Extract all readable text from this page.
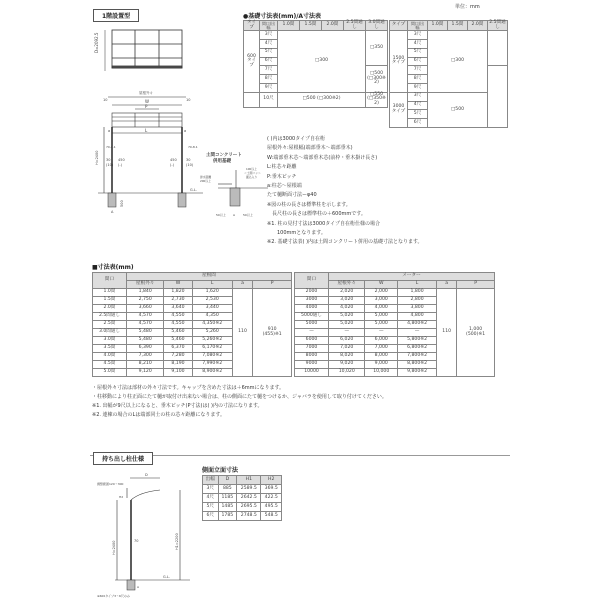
1階設置型
単位：mm
●基礎寸法表(mm)/A寸法表
D=2092.5
屋根外々
W
P
L
a	a
10	10
H=2400
70-8.1
70-8.1
30
(10)
30
(10)
450
(-)
450
(-)
G.L.
A
500
土間コンクリート
併用基礎
100以上
＜土間コン＞
掘込入り
排水距離
200以上
50以上 A	50以上
タイプ	間口/出幅	1.0間	1.5間	2.0間	2.5間通し	3.0間通し
600タイプ	3尺	□300				□350
	4尺					
	5尺					
	6尺					
	7尺					□500
(□300※2)
	8尺					
	9尺					
	10尺	□500 (□300※2)				□550
(□350※2)
タイプ	間口/出幅	1.0間	1.5間	2.0間	2.5間通し
1500タイプ	3尺	□300			
	4尺				
	5尺				
	6尺				
	7尺				
	8尺				
	9尺				
3000タイプ	3尺	□500			
	4尺				
	5尺				
	6尺				
( )内は3000タイプ自在桁
屋根外々:屋根幅(端部垂木〜端部垂木)
W:端部垂木芯〜端部垂木芯(前枠・垂木掛け長さ)
L:柱芯々距離
P:垂木ピッチ
a:柱芯〜屋根端
たて樋断面寸法ーφ40
※図の柱の長さは標準柱を示します。
　長尺柱の長さは標準柱の＋600mmです。
※1. 柱の見付寸法は3000タイプ自在桁仕様の場合
　　100mmとなります。
※2. 基礎寸法表( )内は土間コンクリート併用の基礎寸法となります。
■寸法表(mm)
間口	屋根間				
	屋根外々	W	L	a	P
1.0間	1,840	1,820	1,620	110	910
(455)※1
1.5間	2,750	2,730	2,530		
2.0間	3,660	3,640	3,440		
2.5間通し	4,570	4,550	4,350		
2.5間	4,570	4,550	4,350※2		
3.0間通し	5,480	5,460	5,260		
3.0間	5,480	5,460	5,260※2		
3.5間	6,390	6,370	6,170※2		
4.0間	7,300	7,280	7,080※2		
4.5間	8,210	8,190	7,990※2		
5.0間	9,120	9,100	8,900※2		
間口	メーター				
	屋根外々	W	L	a	P
2000	2,020	2,000	1,800	110	1,000
(500)※1
3000	3,020	3,000	2,800		
4000	4,020	4,000	3,800		
5000通し	5,020	5,000	4,800		
5000	5,020	5,000	4,800※2		
—	—	—	—		
6000	6,020	6,000	5,800※2		
7000	7,020	7,000	6,800※2		
8000	8,020	8,000	7,800※2		
9000	9,020	9,000	8,800※2		
10000	10,020	10,000	9,800※2		
・屋根外々寸法は部材の外々寸法です。キャップを含めた寸法は＋6mmになります。
・柱移動により柱正面にたて樋が取付け出来ない場合は、柱の側面にたて樋をつけるか、ジャバラを使用して取り付けてください。
※1. 出幅が9尺以上になると、垂木ピッチ(P寸法)は( )内の寸法になります。
※2. 連棟の場合のLは端部同士の柱の芯々距離になります。
持ち出し柱仕様
側面立面寸法
出幅	D	H1	H2
3尺	885	2589.5	369.5
4尺	1185	2642.5	422.5
5尺	1485	2695.5	495.5
6尺	1785	2748.5	548.5
調整範囲120〜300
D
H2
H=2400	H1=2200
70
G.L.
A
※600タイプ3〜6尺のみ
